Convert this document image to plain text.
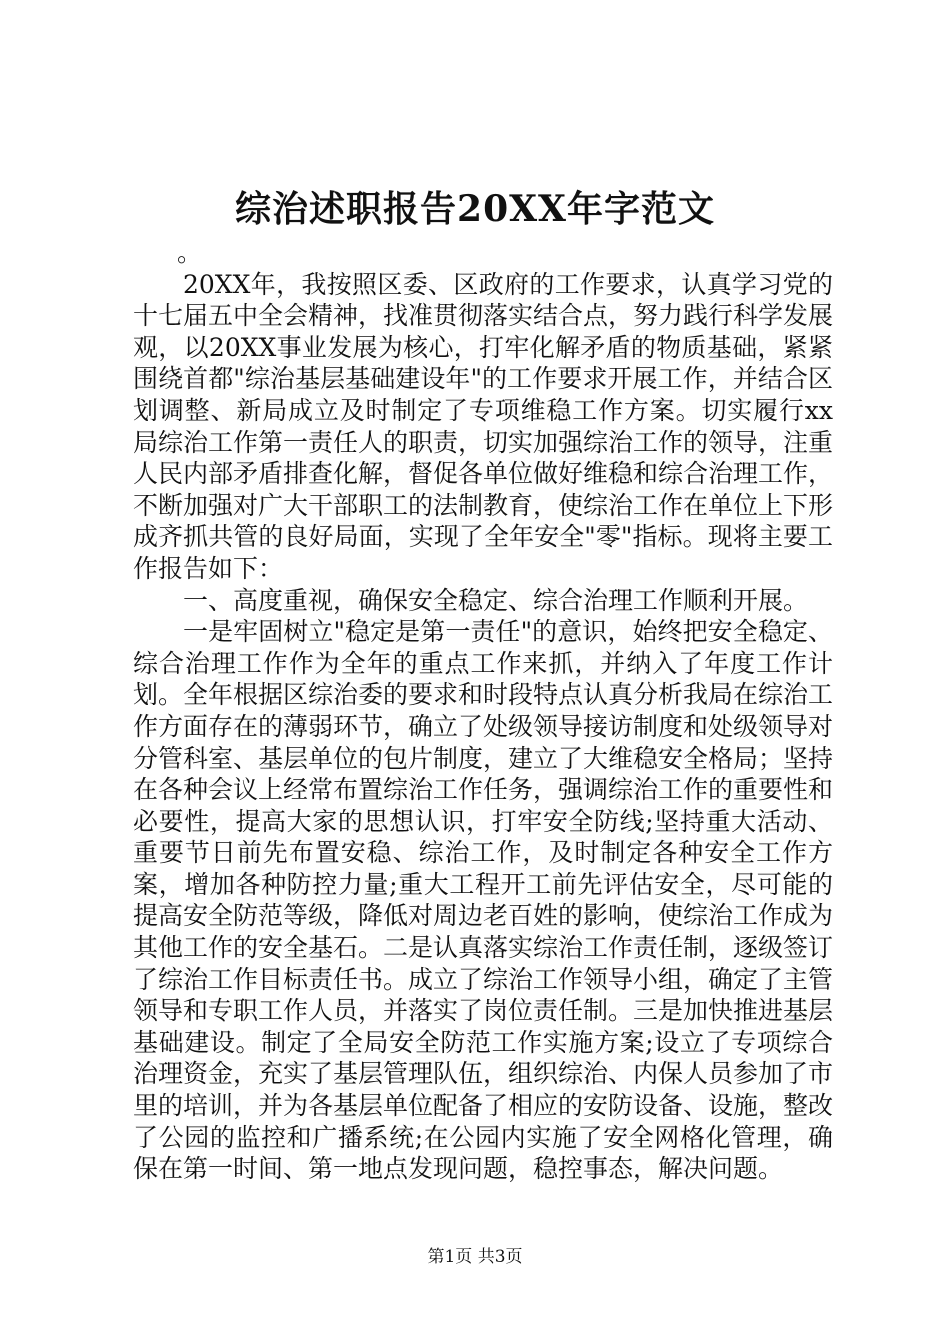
综治述职报告20XX年字范文

。

20XX年，我按照区委、区政府的工作要求，认真学习党的十七届五中全会精神，找准贯彻落实结合点，努力践行科学发展观，以20XX事业发展为核心，打牢化解矛盾的物质基础，紧紧围绕首都"综治基层基础建设年"的工作要求开展工作，并结合区划调整、新局成立及时制定了专项维稳工作方案。切实履行xx局综治工作第一责任人的职责，切实加强综治工作的领导，注重人民内部矛盾排查化解，督促各单位做好维稳和综合治理工作，不断加强对广大干部职工的法制教育，使综治工作在单位上下形成齐抓共管的良好局面，实现了全年安全"零"指标。现将主要工作报告如下：

一、高度重视，确保安全稳定、综合治理工作顺利开展。

一是牢固树立"稳定是第一责任"的意识，始终把安全稳定、综合治理工作作为全年的重点工作来抓，并纳入了年度工作计划。全年根据区综治委的要求和时段特点认真分析我局在综治工作方面存在的薄弱环节，确立了处级领导接访制度和处级领导对分管科室、基层单位的包片制度，建立了大维稳安全格局；坚持在各种会议上经常布置综治工作任务，强调综治工作的重要性和必要性，提高大家的思想认识，打牢安全防线;坚持重大活动、重要节日前先布置安稳、综治工作，及时制定各种安全工作方案，增加各种防控力量;重大工程开工前先评估安全，尽可能的提高安全防范等级，降低对周边老百姓的影响，使综治工作成为其他工作的安全基石。二是认真落实综治工作责任制，逐级签订了综治工作目标责任书。成立了综治工作领导小组，确定了主管领导和专职工作人员，并落实了岗位责任制。三是加快推进基层基础建设。制定了全局安全防范工作实施方案;设立了专项综合治理资金，充实了基层管理队伍，组织综治、内保人员参加了市里的培训，并为各基层单位配备了相应的安防设备、设施，整改了公园的监控和广播系统;在公园内实施了安全网格化管理，确保在第一时间、第一地点发现问题，稳控事态，解决问题。

第1页 共3页
